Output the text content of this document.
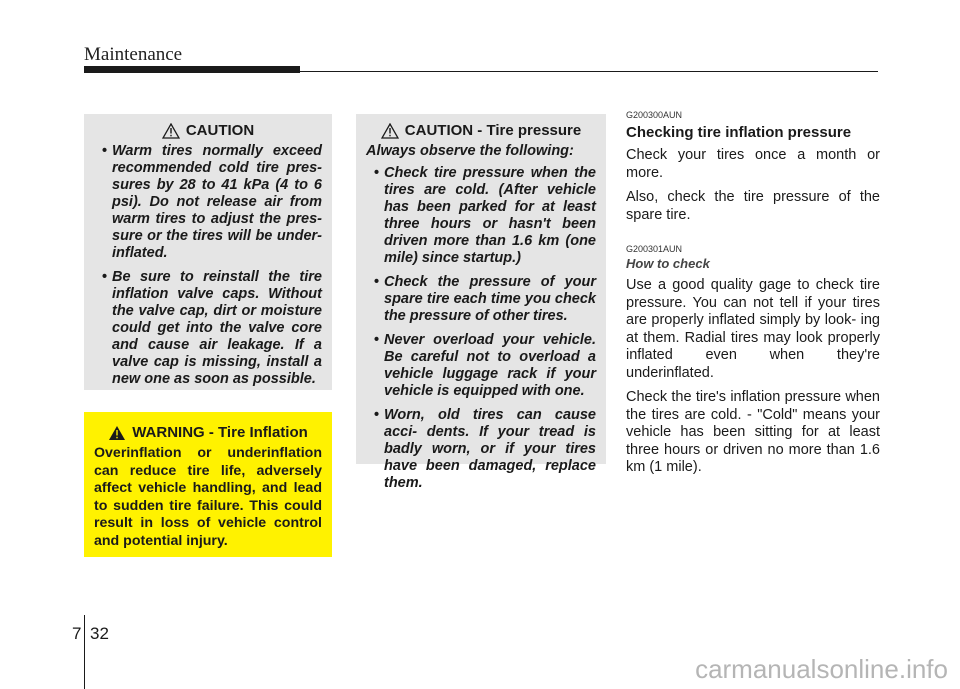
Maintenance
CAUTION
• Warm tires normally exceed recommended cold tire pres- sures by 28 to 41 kPa (4 to 6 psi). Do not release air from warm tires to adjust the pres- sure or the tires will be under- inflated.
• Be sure to reinstall the tire inflation valve caps. Without the valve cap, dirt or moisture could get into the valve core and cause air leakage. If a valve cap is missing, install a new one as soon as possible.
WARNING - Tire Inflation

Overinflation or underinflation can reduce tire life, adversely affect vehicle handling, and lead to sudden tire failure. This could result in loss of vehicle control and potential injury.

CAUTION - Tire pressure

Always observe the following:

• Check tire pressure when the tires are cold. (After vehicle has been parked for at least three hours or hasn't been driven more than 1.6 km (one mile) since startup.)
• Check the pressure of your spare tire each time you check the pressure of other tires.
• Never overload your vehicle. Be careful not to overload a vehicle luggage rack if your vehicle is equipped with one.
• Worn, old tires can cause acci- dents. If your tread is badly worn, or if your tires have been damaged, replace them.

G200300AUN

Checking tire inflation pressure

Check your tires once a month or more.

Also, check the tire pressure of the spare tire.

G200301AUN

How to check

Use a good quality gage to check tire pressure. You can not tell if your tires are properly inflated simply by look- ing at them. Radial tires may look properly inflated even when they're underinflated.

Check the tire's inflation pressure when the tires are cold. - "Cold" means your vehicle has been sitting for at least three hours or driven no more than 1.6 km (1 mile).

7 32
carmanualsonline.info
